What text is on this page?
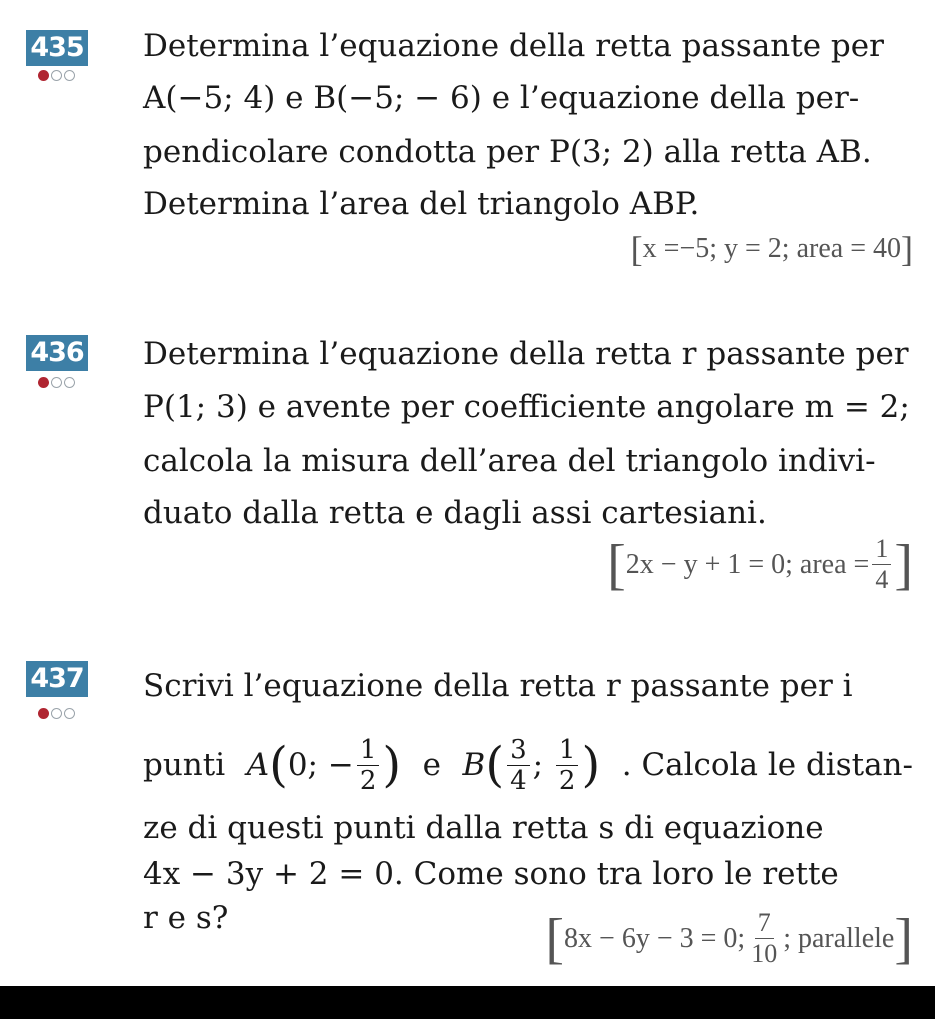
435 Determina l’equazione della retta passante per
A(−5; 4) e B(−5; − 6) e l’equazione della per-
pendicolare condotta per P(3; 2) alla retta AB.
Determina l’area del triangolo ABP.
[ x =−5; y = 2; area = 40 ]
436 Determina l’equazione della retta r passante per
P(1; 3) e avente per coefficiente angolare m = 2;
calcola la misura dell’area del triangolo indivi-
duato dalla retta e dagli assi cartesiani.
[ 2x − y + 1 = 0; area = $\frac{1}{4}$ ]
437 Scrivi l’equazione della retta r passante per i
punti A ( 0 ; − $\frac{1}{2}$ ) e B ( $\frac{3}{4}$ ; $\frac{1}{2}$ ) . Calcola le distan-
ze di questi punti dalla retta s di equazione
4x − 3y + 2 = 0. Come sono tra loro le rette
r e s?	[ 8x − 6y − 3 = 0; $\frac{7}{10}$ ; parallele ]
